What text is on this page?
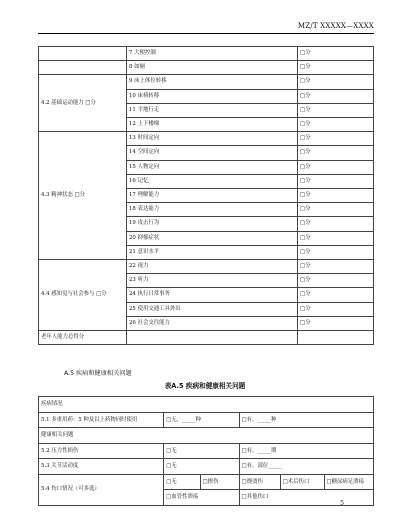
MZ/T XXXXX—XXXX
	7 大便控制	□分
	8 如厕	□分
4.2 基础运动能力 □分	9 床上体位转移	□分
	10 床椅转移	□分
	11 平地行走	□分
	12 上下楼梯	□分
4.3 精神状态 □分	13 时间定向	□分
	14 空间定向	□分
	15 人物定向	□分
	16 记忆	□分
	17 理解能力	□分
	18 表达能力	□分
	19 攻击行为	□分
	20 抑郁症状	□分
	21 意识水平	□分
4.4 感知觉与社会参与 □分	22 视力	□分
	23 听力	□分
	24 执行日常事务	□分
	25 使用交通工具外出	□分
	26 社会交往能力	□分
老年人能力总得分		
A.5 疾病和健康相关问题
表A.5 疾病和健康相关问题
疾病情况					
5.1 多重用药：5 种及以上药物同时使用	□无，_____种		□有，_____种		
健康相关问题					
5.2 压力性损伤	□无		□有，_____期		
5.3 关节活动度	□无		□有，部位_____		
5.4 伤口情况（可多选）	□无	□擦伤	□烧烫伤	□术后伤口	□糖尿病足溃疡
	□血管性溃疡		□其他伤口		
5
